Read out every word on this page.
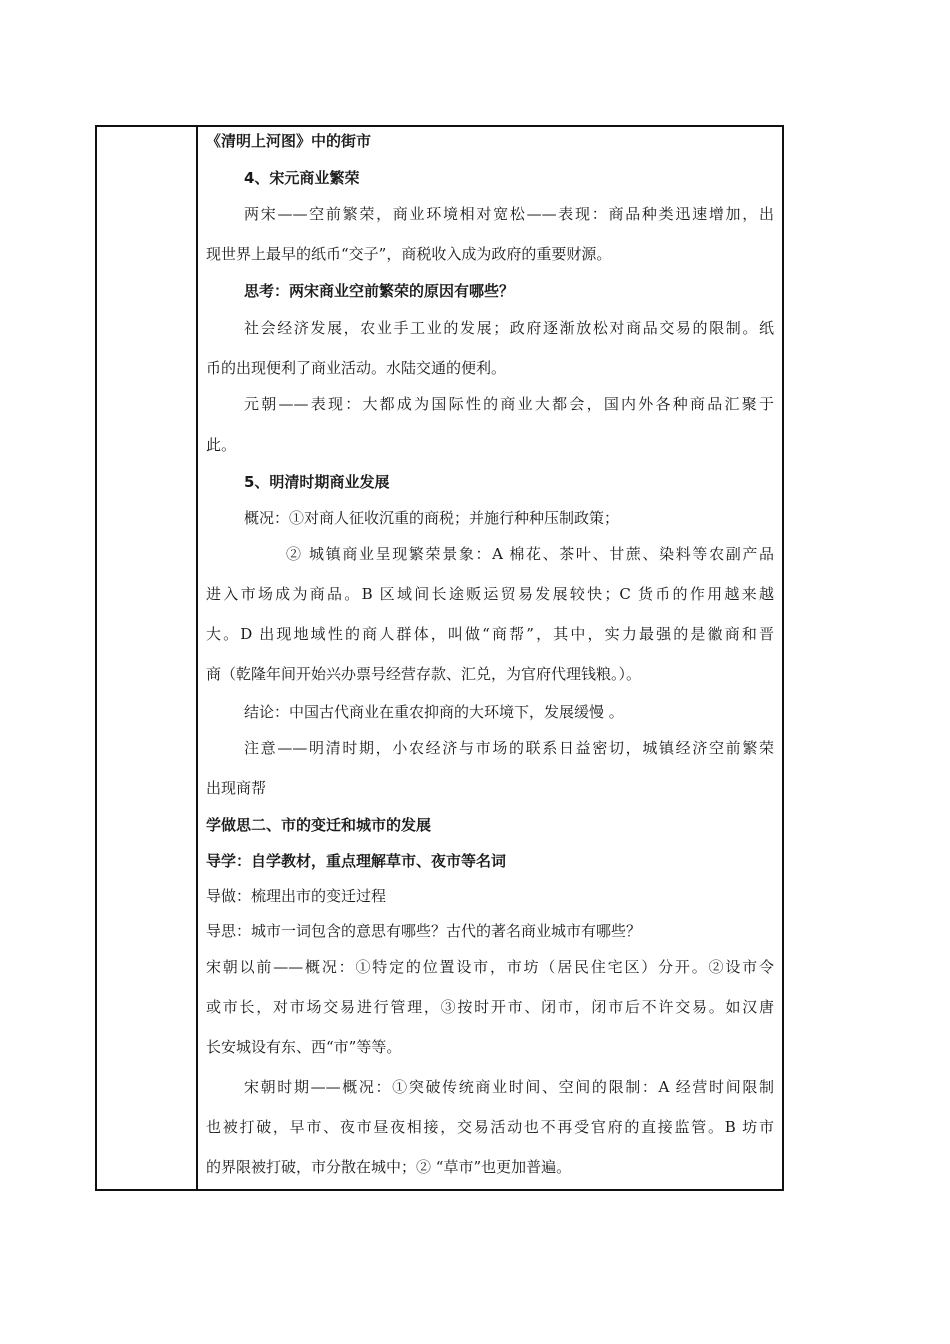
《清明上河图》中的街市
4、宋元商业繁荣
两宋——空前繁荣，商业环境相对宽松——表现：商品种类迅速增加，出
现世界上最早的纸币“交子”，商税收入成为政府的重要财源。
思考：两宋商业空前繁荣的原因有哪些？
社会经济发展，农业手工业的发展；政府逐渐放松对商品交易的限制。纸
币的出现便利了商业活动。水陆交通的便利。
元朝——表现：大都成为国际性的商业大都会，国内外各种商品汇聚于
此。
5、明清时期商业发展
概况：①对商人征收沉重的商税；并施行种种压制政策；
② 城镇商业呈现繁荣景象：A 棉花、茶叶、甘蔗、染料等农副产品
进入市场成为商品。B 区域间长途贩运贸易发展较快；C 货币的作用越来越
大。D 出现地域性的商人群体，叫做“商帮”，其中，实力最强的是徽商和晋
商（乾隆年间开始兴办票号经营存款、汇兑，为官府代理钱粮。）。
结论：中国古代商业在重农抑商的大环境下，发展缓慢 。
注意——明清时期，小农经济与市场的联系日益密切，城镇经济空前繁荣
出现商帮
学做思二、市的变迁和城市的发展
导学：自学教材，重点理解草市、夜市等名词
导做：梳理出市的变迁过程
导思：城市一词包含的意思有哪些？古代的著名商业城市有哪些？
宋朝以前——概况：①特定的位置设市，市坊（居民住宅区）分开。②设市令
或市长，对市场交易进行管理，③按时开市、闭市，闭市后不许交易。如汉唐
长安城设有东、西“市”等等。
宋朝时期——概况：①突破传统商业时间、空间的限制：A 经营时间限制
也被打破，早市、夜市昼夜相接，交易活动也不再受官府的直接监管。B 坊市
的界限被打破，市分散在城中；② “草市”也更加普遍。
